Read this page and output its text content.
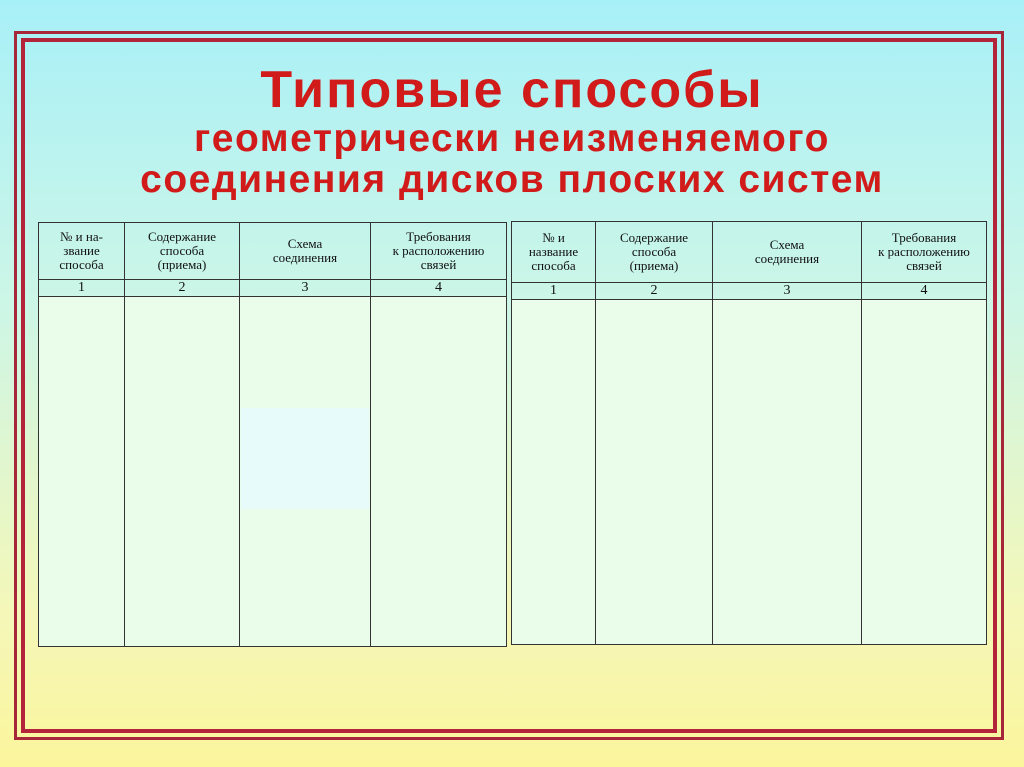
Типовые способы
геометрически неизменяемого
соединения дисков плоских систем
№ и на-
звание
способа	Содержание
способа
(приема)	Схема
соединения	Требования
к расположению
связей

1	2	3	4

№ и
название
способа	Содержание
способа
(приема)	Схема
соединения	Требования
к расположению
связей

1	2	3	4
